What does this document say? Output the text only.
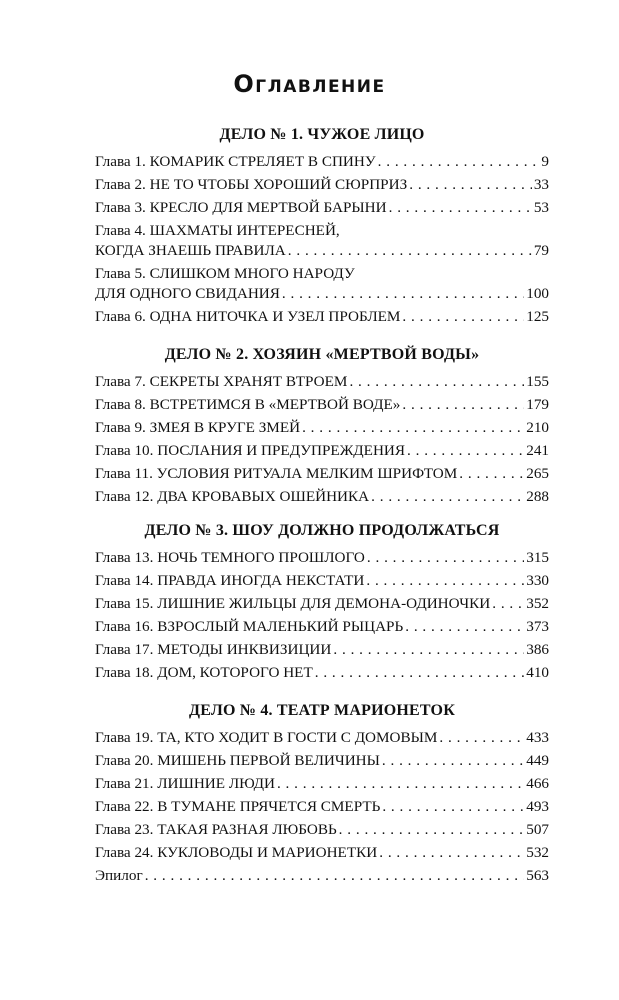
Оглавление
ДЕЛО № 1. ЧУЖОЕ ЛИЦО
Глава 1. КОМАРИК СТРЕЛЯЕТ В СПИНУ . . .	9
Глава 2. НЕ ТО ЧТОБЫ ХОРОШИЙ СЮРПРИЗ . . .	33
Глава 3. КРЕСЛО ДЛЯ МЕРТВОЙ БАРЫНИ . . .	53
Глава 4. ШАХМАТЫ ИНТЕРЕСНЕЙ,
КОГДА ЗНАЕШЬ ПРАВИЛА . . .	79
Глава 5. СЛИШКОМ МНОГО НАРОДУ
ДЛЯ ОДНОГО СВИДАНИЯ . . .	100
Глава 6. ОДНА НИТОЧКА И УЗЕЛ ПРОБЛЕМ . . .	125
ДЕЛО № 2. ХОЗЯИН «МЕРТВОЙ ВОДЫ»
Глава 7. СЕКРЕТЫ ХРАНЯТ ВТРОЕМ . . .	155
Глава 8. ВСТРЕТИМСЯ В «МЕРТВОЙ ВОДЕ» . . .	179
Глава 9. ЗМЕЯ В КРУГЕ ЗМЕЙ . . .	210
Глава 10. ПОСЛАНИЯ И ПРЕДУПРЕЖДЕНИЯ . . .	241
Глава 11. УСЛОВИЯ РИТУАЛА МЕЛКИМ ШРИФТОМ . . .	265
Глава 12. ДВА КРОВАВЫХ ОШЕЙНИКА . . .	288
ДЕЛО № 3. ШОУ ДОЛЖНО ПРОДОЛЖАТЬСЯ
Глава 13. НОЧЬ ТЕМНОГО ПРОШЛОГО . . .	315
Глава 14. ПРАВДА ИНОГДА НЕКСТАТИ . . .	330
Глава 15. ЛИШНИЕ ЖИЛЬЦЫ ДЛЯ ДЕМОНА-ОДИНОЧКИ . . . 352
Глава 16. ВЗРОСЛЫЙ МАЛЕНЬКИЙ РЫЦАРЬ . . .	373
Глава 17. МЕТОДЫ ИНКВИЗИЦИИ . . .	386
Глава 18. ДОМ, КОТОРОГО НЕТ . . .	410
ДЕЛО № 4. ТЕАТР МАРИОНЕТОК
Глава 19. ТА, КТО ХОДИТ В ГОСТИ С ДОМОВЫМ . . .	433
Глава 20. МИШЕНЬ ПЕРВОЙ ВЕЛИЧИНЫ . . .	449
Глава 21. ЛИШНИЕ ЛЮДИ . . .	466
Глава 22. В ТУМАНЕ ПРЯЧЕТСЯ СМЕРТЬ . . .	493
Глава 23. ТАКАЯ РАЗНАЯ ЛЮБОВЬ . . .	507
Глава 24. КУКЛОВОДЫ И МАРИОНЕТКИ . . .	532
Эпилог . . .	563
